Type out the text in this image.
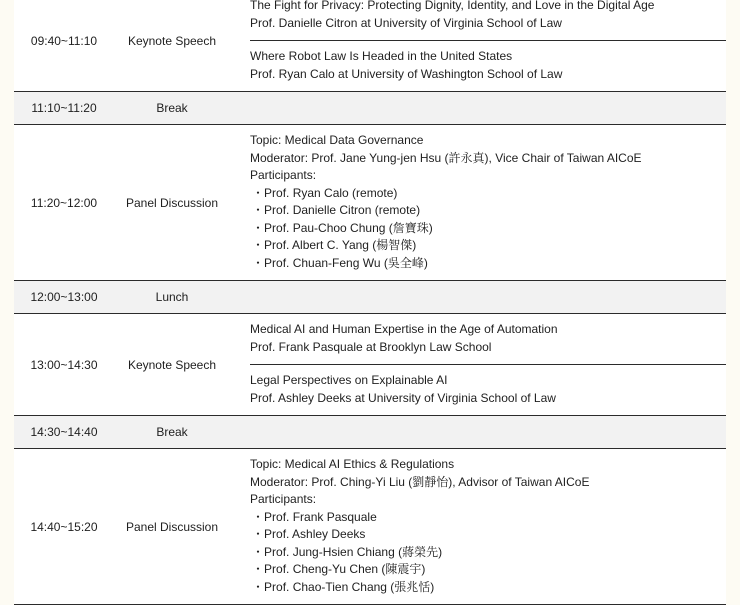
09:40~11:10	Keynote Speech
The Fight for Privacy: Protecting Dignity, Identity, and Love in the Digital Age
Prof. Danielle Citron at University of Virginia School of Law
Where Robot Law Is Headed in the United States
Prof. Ryan Calo at University of Washington School of Law
11:10~11:20	Break
11:20~12:00	Panel Discussion
Topic: Medical Data Governance
Moderator: Prof. Jane Yung-jen Hsu (許永真), Vice Chair of Taiwan AICoE
Participants:
・ Prof. Ryan Calo (remote)
・ Prof. Danielle Citron (remote)
・ Prof. Pau-Choo Chung (詹寶珠)
・ Prof. Albert C. Yang (楊智傑)
・ Prof. Chuan-Feng Wu (吳全峰)
12:00~13:00	Lunch
13:00~14:30	Keynote Speech
Medical AI and Human Expertise in the Age of Automation
Prof. Frank Pasquale at Brooklyn Law School
Legal Perspectives on Explainable AI
Prof. Ashley Deeks at University of Virginia School of Law
14:30~14:40	Break
14:40~15:20	Panel Discussion
Topic: Medical AI Ethics & Regulations
Moderator: Prof. Ching-Yi Liu (劉靜怡), Advisor of Taiwan AICoE
Participants:
・ Prof. Frank Pasquale
・ Prof. Ashley Deeks
・ Prof. Jung-Hsien Chiang (蔣榮先)
・ Prof. Cheng-Yu Chen (陳震宇)
・ Prof. Chao-Tien Chang (張兆恬)
